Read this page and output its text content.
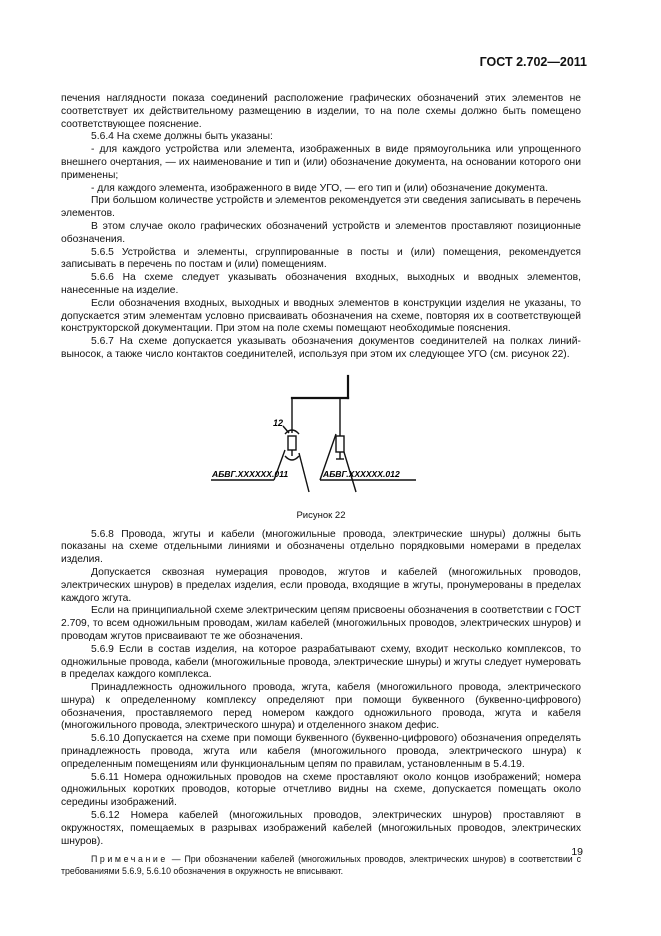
ГОСТ 2.702—2011

печения наглядности показа соединений расположение графических обозначений этих элементов не соответствует их действительному размещению в изделии, то на поле схемы должно быть помещено соответствующее пояснение.

5.6.4 На схеме должны быть указаны:

- для каждого устройства или элемента, изображенных в виде прямоугольника или упрощенного внешнего очертания, — их наименование и тип и (или) обозначение документа, на основании которого они применены;

- для каждого элемента, изображенного в виде УГО, — его тип и (или) обозначение документа.

При большом количестве устройств и элементов рекомендуется эти сведения записывать в перечень элементов.

В этом случае около графических обозначений устройств и элементов проставляют позиционные обозначения.

5.6.5 Устройства и элементы, сгруппированные в посты и (или) помещения, рекомендуется записывать в перечень по постам и (или) помещениям.

5.6.6 На схеме следует указывать обозначения входных, выходных и вводных элементов, нанесенные на изделие.

Если обозначения входных, выходных и вводных элементов в конструкции изделия не указаны, то допускается этим элементам условно присваивать обозначения на схеме, повторяя их в соответствующей конструкторской документации. При этом на поле схемы помещают необходимые пояснения.

5.6.7 На схеме допускается указывать обозначения документов соединителей на полках линий-выносок, а также число контактов соединителей, используя при этом их следующее УГО (см. рисунок 22).

12
АБВГ.ХХХХХХ.011	АБВГ.ХХХХХХ.012
Рисунок 22

5.6.8 Провода, жгуты и кабели (многожильные провода, электрические шнуры) должны быть показаны на схеме отдельными линиями и обозначены отдельно порядковыми номерами в пределах изделия.

Допускается сквозная нумерация проводов, жгутов и кабелей (многожильных проводов, электрических шнуров) в пределах изделия, если провода, входящие в жгуты, пронумерованы в пределах каждого жгута.

Если на принципиальной схеме электрическим цепям присвоены обозначения в соответствии с ГОСТ 2.709, то всем одножильным проводам, жилам кабелей (многожильных проводов, электрических шнуров) и проводам жгутов присваивают те же обозначения.

5.6.9 Если в состав изделия, на которое разрабатывают схему, входит несколько комплексов, то одножильные провода, кабели (многожильные провода, электрические шнуры) и жгуты следует нумеровать в пределах каждого комплекса.

Принадлежность одножильного провода, жгута, кабеля (многожильного провода, электрического шнура) к определенному комплексу определяют при помощи буквенного (буквенно-цифрового) обозначения, проставляемого перед номером каждого одножильного провода, жгута и кабеля (многожильного провода, электрического шнура) и отделенного знаком дефис.

5.6.10 Допускается на схеме при помощи буквенного (буквенно-цифрового) обозначения определять принадлежность провода, жгута или кабеля (многожильного провода, электрического шнура) к определенным помещениям или функциональным цепям по правилам, установленным в 5.4.19.

5.6.11 Номера одножильных проводов на схеме проставляют около концов изображений; номера одножильных коротких проводов, которые отчетливо видны на схеме, допускается помещать около середины изображений.

5.6.12 Номера кабелей (многожильных проводов, электрических шнуров) проставляют в окружностях, помещаемых в разрывах изображений кабелей (многожильных проводов, электрических шнуров).

Примечание — При обозначении кабелей (многожильных проводов, электрических шнуров) в соответствии с требованиями 5.6.9, 5.6.10 обозначения в окружность не вписывают.
19
